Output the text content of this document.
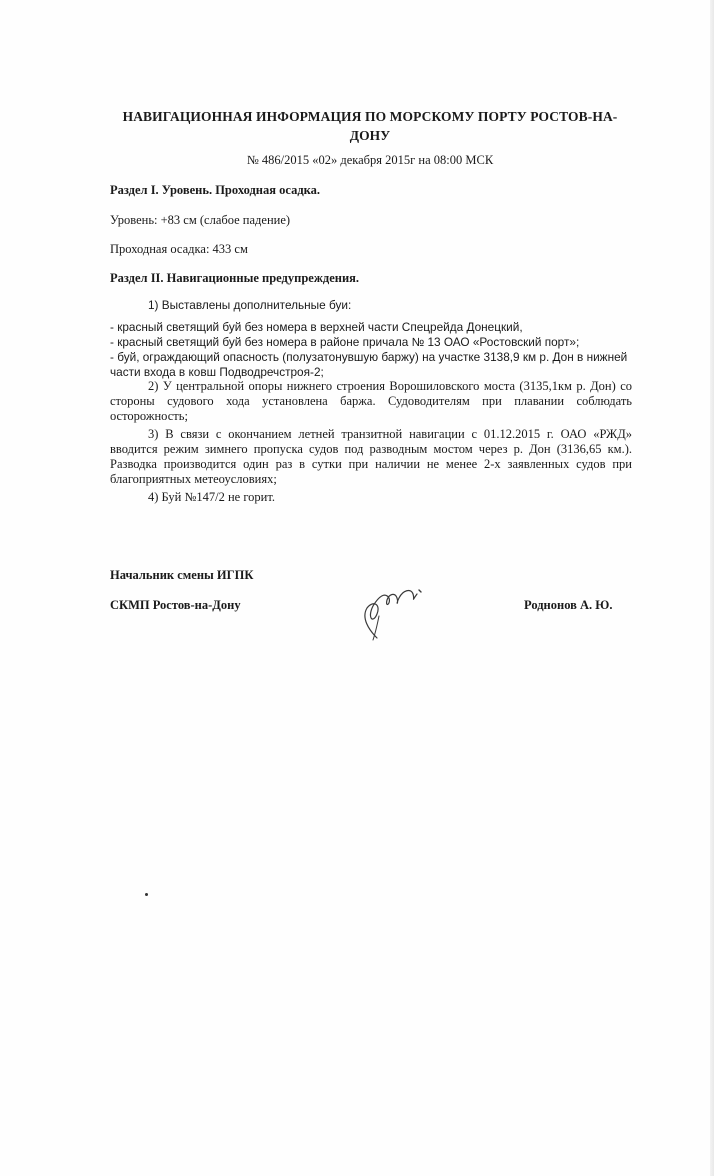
НАВИГАЦИОННАЯ ИНФОРМАЦИЯ ПО МОРСКОМУ ПОРТУ РОСТОВ-НА-ДОНУ
№ 486/2015 «02» декабря 2015г на 08:00 МСК
Раздел I. Уровень. Проходная осадка.
Уровень: +83 см (слабое падение)
Проходная осадка: 433 см
Раздел II. Навигационные предупреждения.
1) Выставлены дополнительные буи:
- красный светящий буй без номера в верхней части Спецрейда Донецкий,
- красный светящий буй без номера в районе причала № 13 ОАО «Ростовский порт»;
- буй, ограждающий опасность (полузатонувшую баржу) на участке 3138,9 км р. Дон в нижней части входа в ковш Подводречстроя-2;
2) У центральной опоры нижнего строения Ворошиловского моста (3135,1км р. Дон) со стороны судового хода установлена баржа. Судоводителям при плавании соблюдать осторожность;
3) В связи с окончанием летней транзитной навигации с 01.12.2015 г. ОАО «РЖД» вводится режим зимнего пропуска судов под разводным мостом через р. Дон (3136,65 км.). Разводка производится один раз в сутки при наличии не менее 2-х заявленных судов при благоприятных метеоусловиях;
4) Буй №147/2 не горит.
Начальник смены ИГПК
СКМП Ростов-на-Дону	Роднонов А. Ю.
